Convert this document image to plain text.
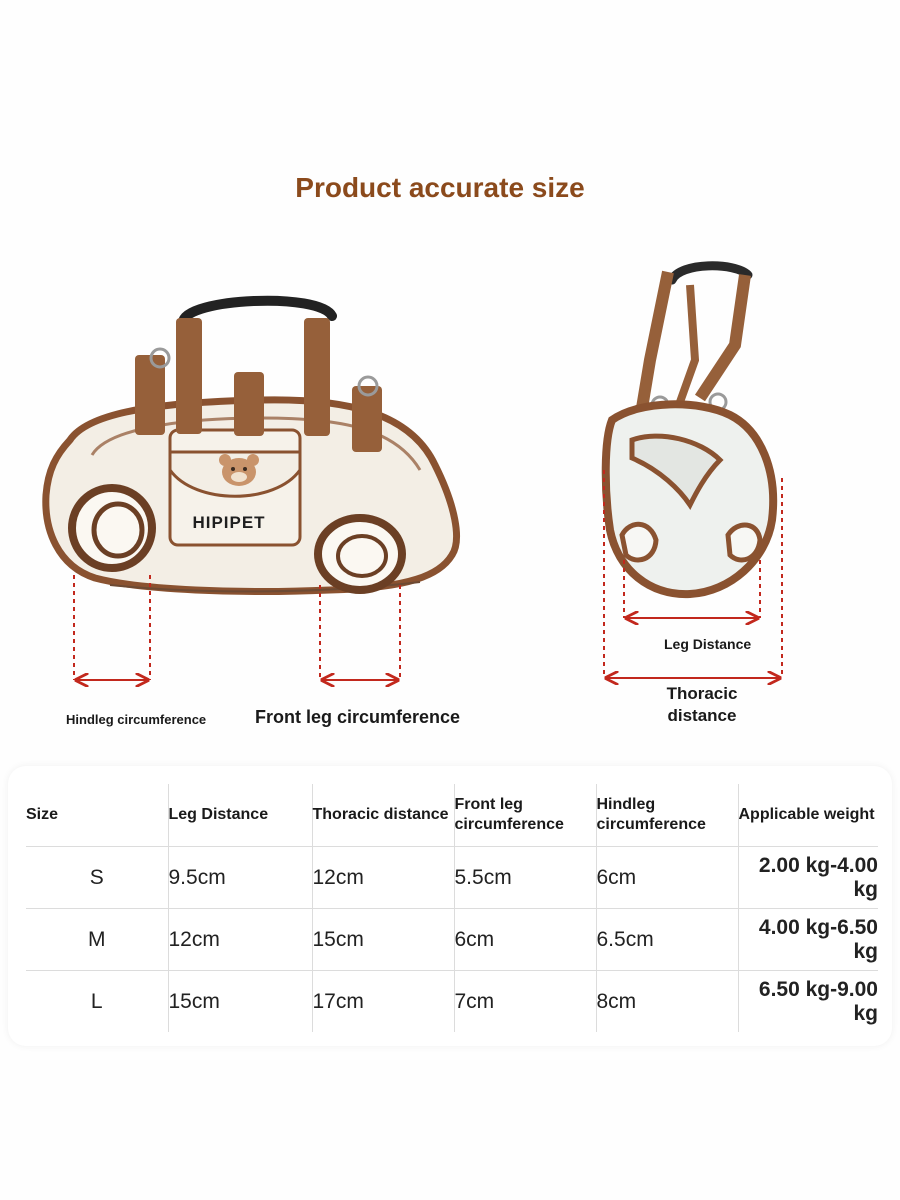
Product accurate size
HIPIPET
Hindleg circumference	Front leg circumference
Leg Distance
Thoracic distance
Size	Leg Distance	Thoracic distance	Front leg circumference	Hindleg circumference	Applicable weight
S	9.5cm	12cm	5.5cm	6cm	2.00 kg-4.00 kg
M	12cm	15cm	6cm	6.5cm	4.00 kg-6.50 kg
L	15cm	17cm	7cm	8cm	6.50 kg-9.00 kg
